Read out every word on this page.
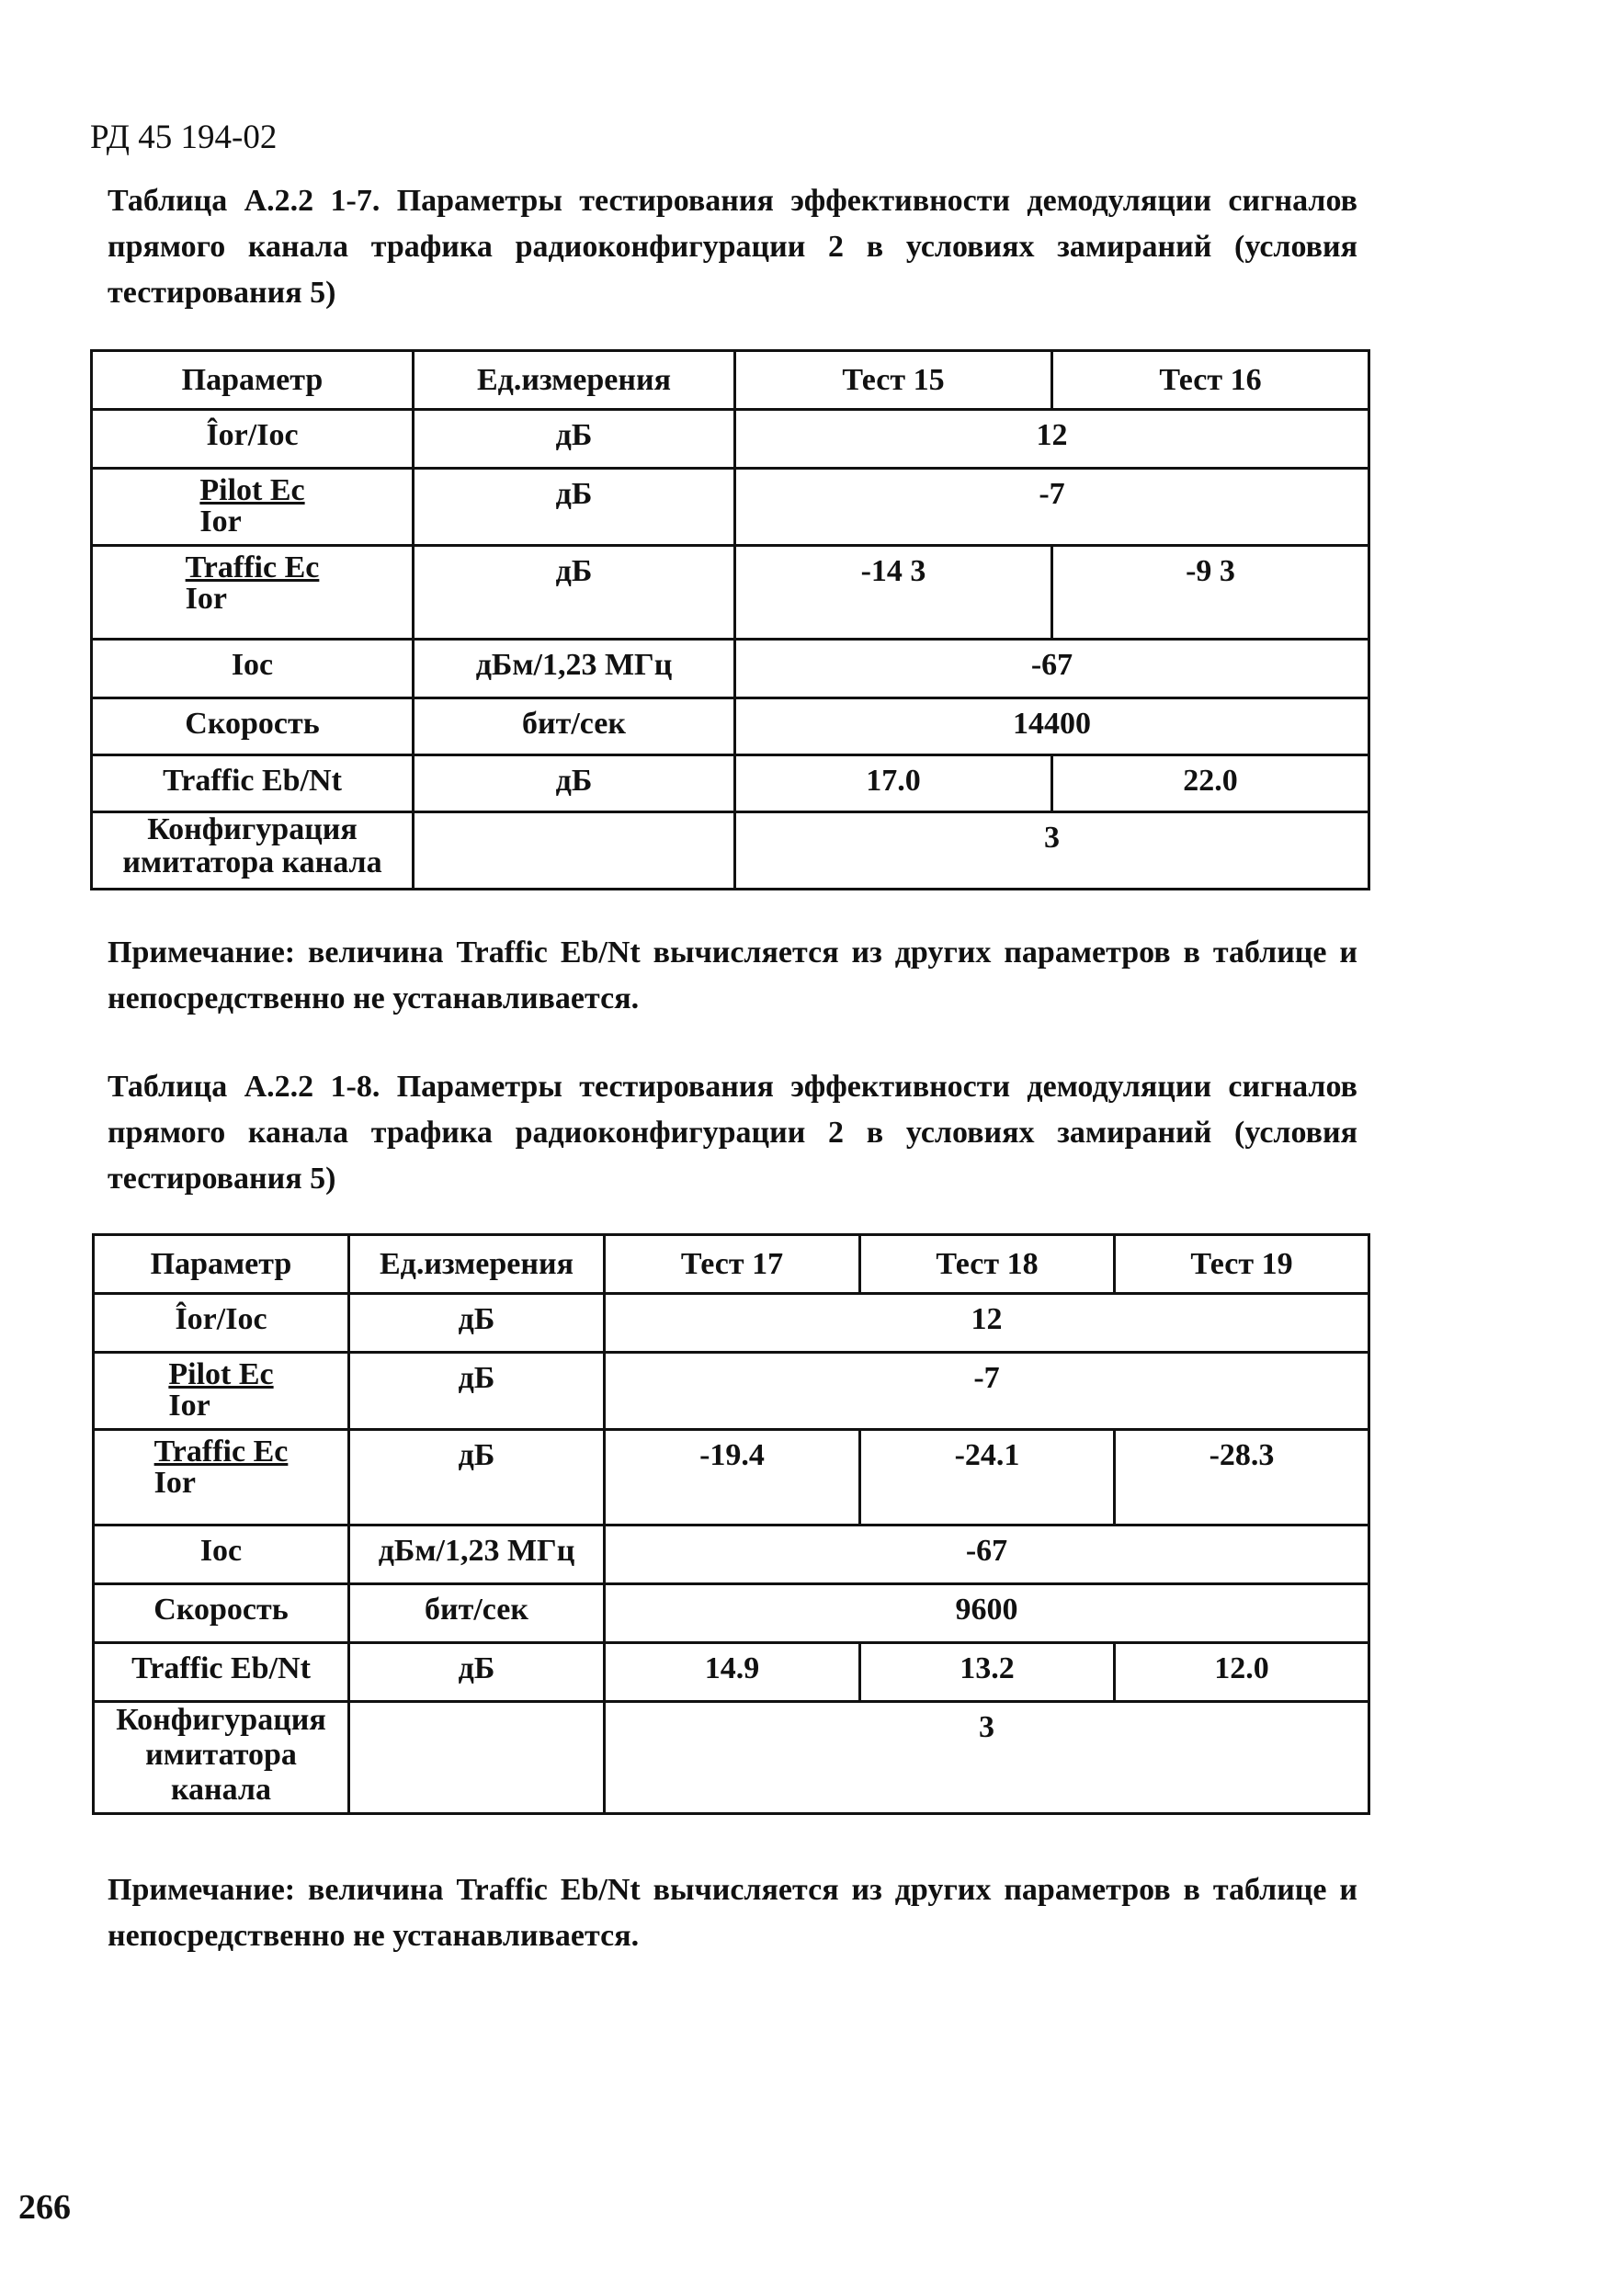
РД 45 194-02
Таблица А.2.2 1-7. Параметры тестирования эффективности демодуляции сигналов прямого канала трафика радиоконфигурации 2 в условиях замираний (условия тестирования 5)
Параметр	Ед.измерения	Тест 15	Тест 16
Îor/Ioc	дБ	12	
$\frac{\text{Pilot Ec}}{\text{Ior}}$	дБ	-7	
$\frac{\text{Traffic Ec}}{\text{Ior}}$	дБ	-14 3	-9 3
Ioc	дБм/1,23 МГц	-67	
Скорость	бит/сек	14400	
Traffic Eb/Nt	дБ	17.0	22.0
Конфигурация имитатора канала		3	
Примечание: величина Traffic Eb/Nt вычисляется из других параметров в таблице и непосредственно не устанавливается.
Таблица А.2.2 1-8. Параметры тестирования эффективности демодуляции сигналов прямого канала трафика радиоконфигурации 2 в условиях замираний (условия тестирования 5)
Параметр	Ед.измерения	Тест 17	Тест 18	Тест 19
Îor/Ioc	дБ	12		
$\frac{\text{Pilot Ec}}{\text{Ior}}$	дБ	-7		
$\frac{\text{Traffic Ec}}{\text{Ior}}$	дБ	-19.4	-24.1	-28.3
Ioc	дБм/1,23 МГц	-67		
Скорость	бит/сек	9600		
Traffic Eb/Nt	дБ	14.9	13.2	12.0
Конфигурация имитатора канала		3		
Примечание: величина Traffic Eb/Nt вычисляется из других параметров в таблице и непосредственно не устанавливается.
266
